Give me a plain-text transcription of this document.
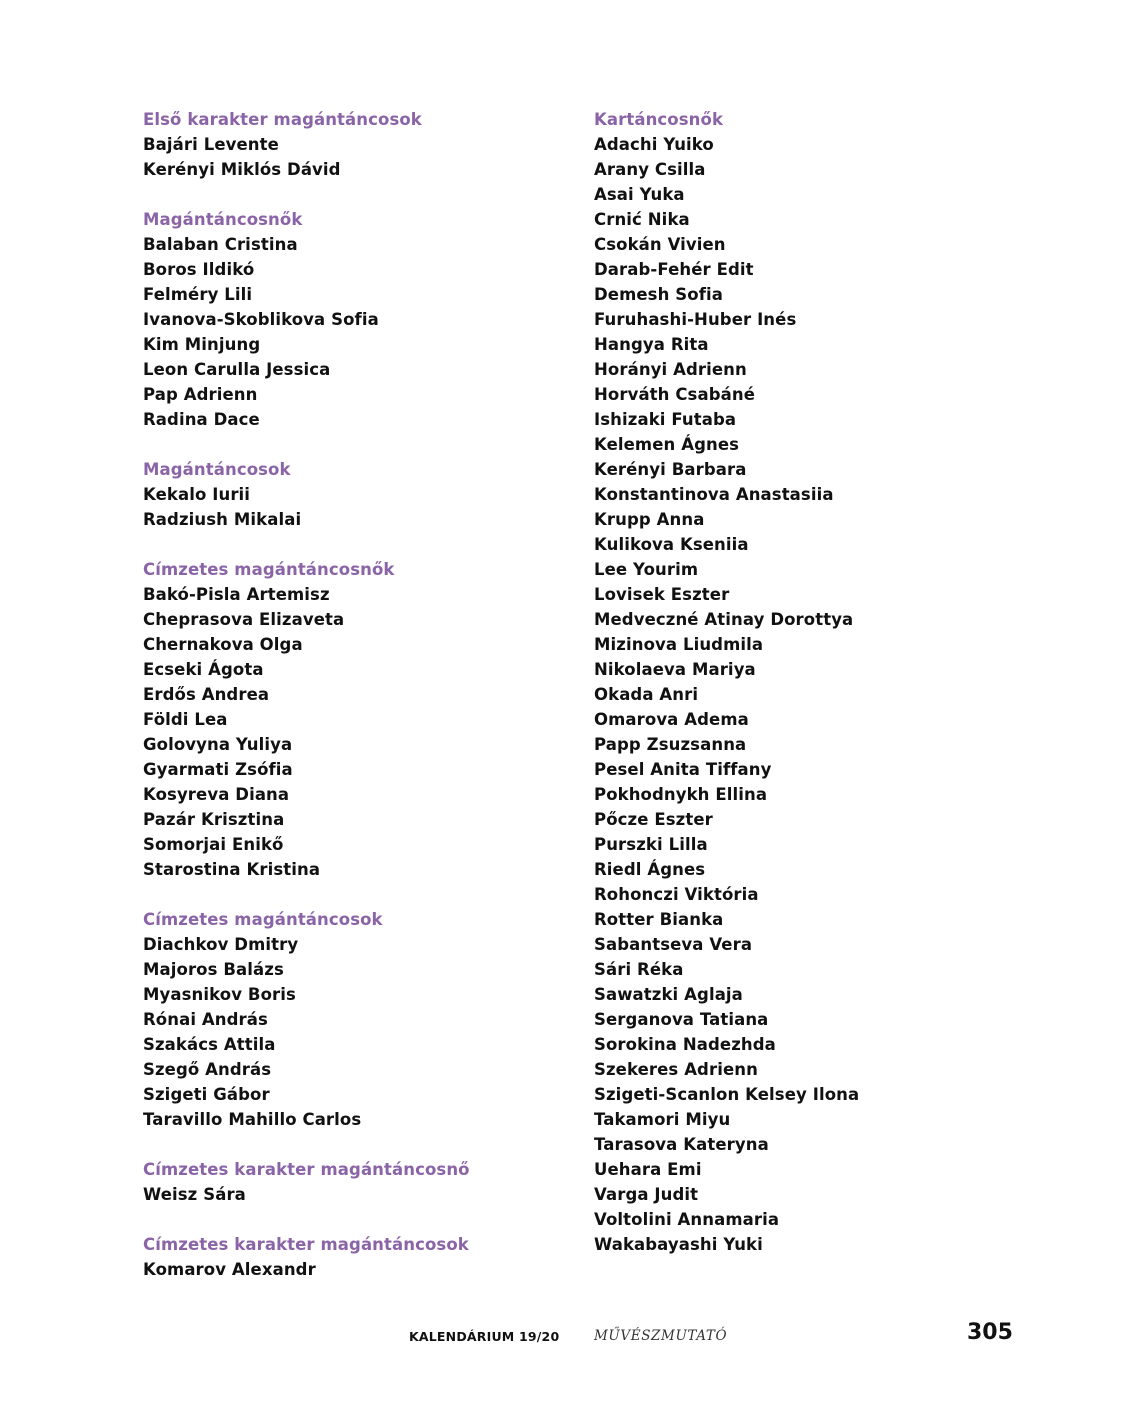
Első karakter magántáncosok
Bajári Levente
Kerényi Miklós Dávid
Magántáncosnők
Balaban Cristina
Boros Ildikó
Felméry Lili
Ivanova-Skoblikova Sofia
Kim Minjung
Leon Carulla Jessica
Pap Adrienn
Radina Dace
Magántáncosok
Kekalo Iurii
Radziush Mikalai
Címzetes magántáncosnők
Bakó-Pisla Artemisz
Cheprasova Elizaveta
Chernakova Olga
Ecseki Ágota
Erdős Andrea
Földi Lea
Golovyna Yuliya
Gyarmati Zsófia
Kosyreva Diana
Pazár Krisztina
Somorjai Enikő
Starostina Kristina
Címzetes magántáncosok
Diachkov Dmitry
Majoros Balázs
Myasnikov Boris
Rónai András
Szakács Attila
Szegő András
Szigeti Gábor
Taravillo Mahillo Carlos
Címzetes karakter magántáncosnő
Weisz Sára
Címzetes karakter magántáncosok
Komarov Alexandr
Kartáncosnők
Adachi Yuiko
Arany Csilla
Asai Yuka
Crnić Nika
Csokán Vivien
Darab-Fehér Edit
Demesh Sofia
Furuhashi-Huber Inés
Hangya Rita
Horányi Adrienn
Horváth Csabáné
Ishizaki Futaba
Kelemen Ágnes
Kerényi Barbara
Konstantinova Anastasiia
Krupp Anna
Kulikova Kseniia
Lee Yourim
Lovisek Eszter
Medveczné Atinay Dorottya
Mizinova Liudmila
Nikolaeva Mariya
Okada Anri
Omarova Adema
Papp Zsuzsanna
Pesel Anita Tiffany
Pokhodnykh Ellina
Pőcze Eszter
Purszki Lilla
Riedl Ágnes
Rohonczi Viktória
Rotter Bianka
Sabantseva Vera
Sári Réka
Sawatzki Aglaja
Serganova Tatiana
Sorokina Nadezhda
Szekeres Adrienn
Szigeti-Scanlon Kelsey Ilona
Takamori Miyu
Tarasova Kateryna
Uehara Emi
Varga Judit
Voltolini Annamaria
Wakabayashi Yuki
KALENDÁRIUM 19/20	MŰVÉSZMUTATÓ	305
